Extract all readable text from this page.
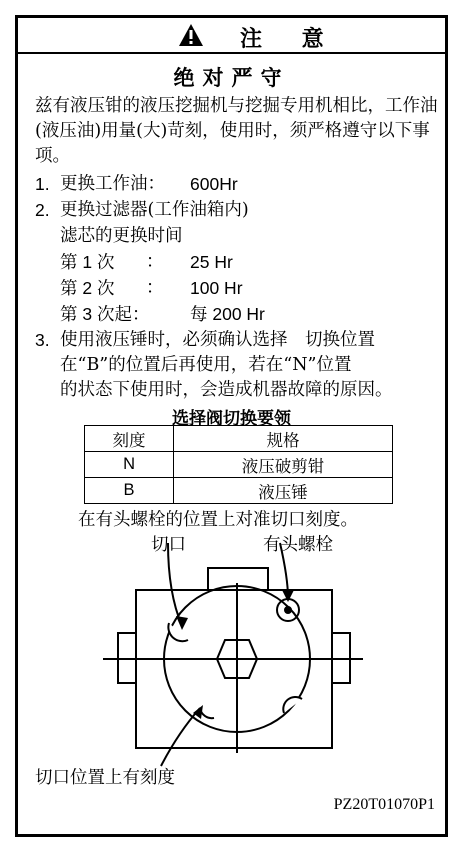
注 意
绝对严守
兹有液压钳的液压挖掘机与挖掘专用机相比，工作油(液压油)用量(大)苛刻，使用时，须严格遵守以下事项。
1. 更换工作油： 600Hr
2. 更换过滤器(工作油箱内)
滤芯的更换时间
第 1 次 ： 25 Hr
第 2 次 ： 100 Hr
第 3 次起： 每 200 Hr
3. 使用液压锤时，必须确认选择　切换位置
在“B”的位置后再使用，若在“N”位置
的状态下使用时，会造成机器故障的原因。
选择阀切换要领
刻度	规格
N	液压破剪钳
B	液压锤
在有头螺栓的位置上对准切口刻度。
切口	有头螺栓
切口位置上有刻度
PZ20T01070P1
